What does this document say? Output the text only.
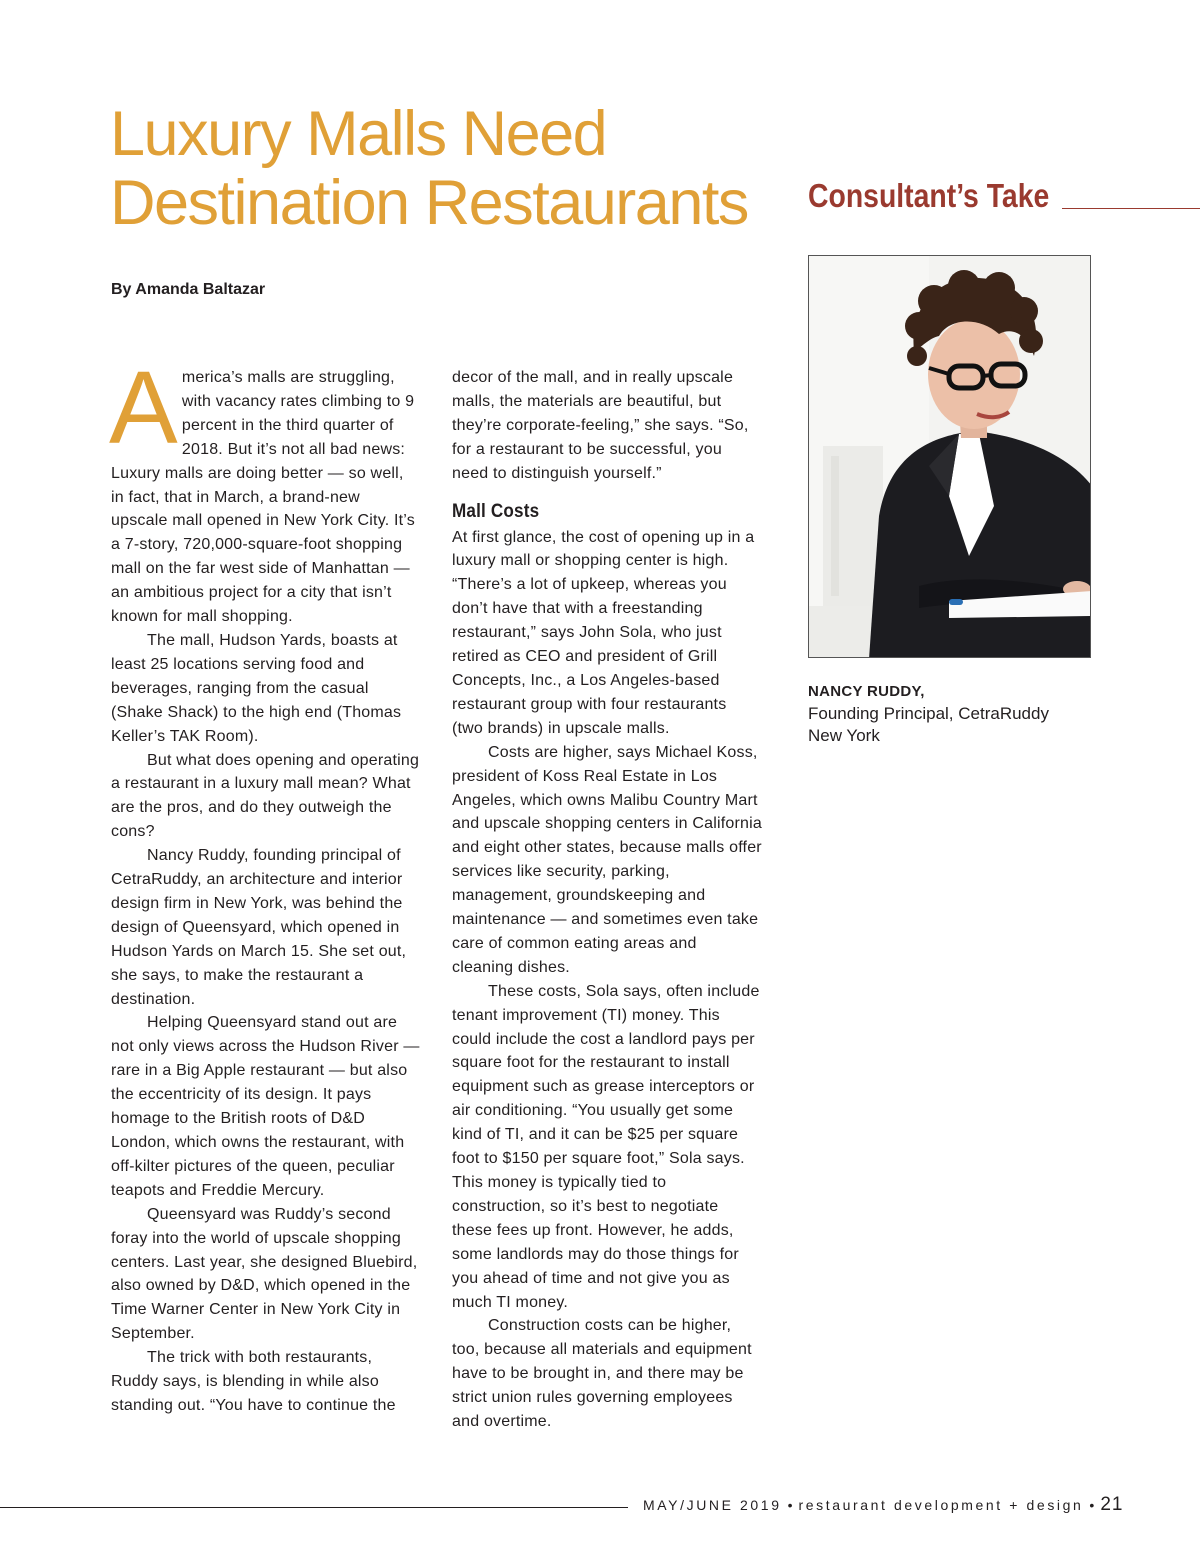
Luxury Malls Need Destination Restaurants

By Amanda Baltazar

Consultant’s Take

America’s malls are struggling, with vacancy rates climbing to 9 percent in the third quarter of 2018. But it’s not all bad news: Luxury malls are doing better — so well, in fact, that in March, a brand-new upscale mall opened in New York City. It’s a 7-story, 720,000-square-foot shopping mall on the far west side of Manhattan — an ambitious project for a city that isn’t known for mall shopping.

The mall, Hudson Yards, boasts at least 25 locations serving food and beverages, ranging from the casual (Shake Shack) to the high end (Thomas Keller’s TAK Room).

But what does opening and operating a restaurant in a luxury mall mean? What are the pros, and do they outweigh the cons?

Nancy Ruddy, founding principal of CetraRuddy, an architecture and interior design firm in New York, was behind the design of Queensyard, which opened in Hudson Yards on March 15. She set out, she says, to make the restaurant a destination.

Helping Queensyard stand out are not only views across the Hudson River — rare in a Big Apple restaurant — but also the eccentricity of its design. It pays homage to the British roots of D&D London, which owns the restaurant, with off-kilter pictures of the queen, peculiar teapots and Freddie Mercury.

Queensyard was Ruddy’s second foray into the world of upscale shopping centers. Last year, she designed Bluebird, also owned by D&D, which opened in the Time Warner Center in New York City in September.

The trick with both restaurants, Ruddy says, is blending in while also standing out. “You have to continue the

decor of the mall, and in really upscale malls, the materials are beautiful, but they’re corporate-feeling,” she says. “So, for a restaurant to be successful, you need to distinguish yourself.”

Mall Costs

At first glance, the cost of opening up in a luxury mall or shopping center is high. “There’s a lot of upkeep, whereas you don’t have that with a freestanding restaurant,” says John Sola, who just retired as CEO and president of Grill Concepts, Inc., a Los Angeles-based restaurant group with four restaurants (two brands) in upscale malls.

Costs are higher, says Michael Koss, president of Koss Real Estate in Los Angeles, which owns Malibu Country Mart and upscale shopping centers in California and eight other states, because malls offer services like security, parking, management, groundskeeping and maintenance — and sometimes even take care of common eating areas and cleaning dishes.

These costs, Sola says, often include tenant improvement (TI) money. This could include the cost a landlord pays per square foot for the restaurant to install equipment such as grease interceptors or air conditioning. “You usually get some kind of TI, and it can be $25 per square foot to $150 per square foot,” Sola says. This money is typically tied to construction, so it’s best to negotiate these fees up front. However, he adds, some landlords may do those things for you ahead of time and not give you as much TI money.

Construction costs can be higher, too, because all materials and equipment have to be brought in, and there may be strict union rules governing employees and overtime.

NANCY RUDDY,

Founding Principal, CetraRuddy

New York

MAY/JUNE 2019 • restaurant development + design • 21
